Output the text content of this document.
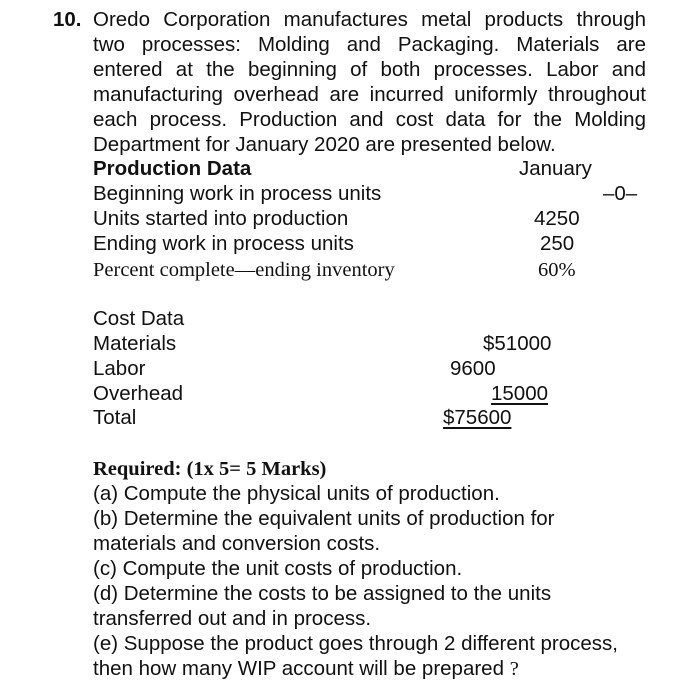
10. Oredo Corporation manufactures metal products through
two processes: Molding and Packaging. Materials are
entered at the beginning of both processes. Labor and
manufacturing overhead are incurred uniformly throughout
each process. Production and cost data for the Molding
Department for January 2020 are presented below.
Production Data	January
Beginning work in process units	–0–
Units started into production	4250
Ending work in process units	250
Percent complete—ending inventory	60%
Cost Data
Materials	$51000
Labor	9600
Overhead	15000
Total	$75600
Required: (1x 5= 5 Marks)
(a) Compute the physical units of production.
(b) Determine the equivalent units of production for
materials and conversion costs.
(c) Compute the unit costs of production.
(d) Determine the costs to be assigned to the units
transferred out and in process.
(e) Suppose the product goes through 2 different process,
then how many WIP account will be prepared ?
